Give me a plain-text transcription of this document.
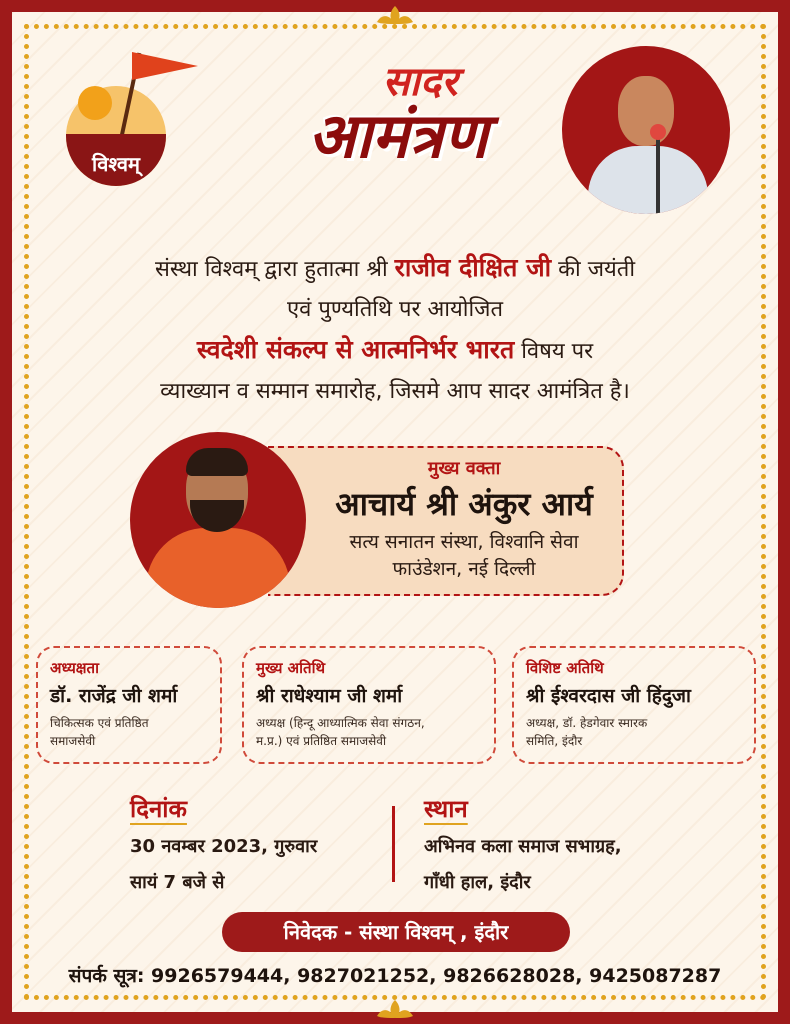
विश्वम्
सादर
आमंत्रण

संस्था विश्वम् द्वारा हुतात्मा श्री राजीव दीक्षित जी की जयंती

एवं पुण्यतिथि पर आयोजित

स्वदेशी संकल्प से आत्मनिर्भर भारत विषय पर

व्याख्यान व सम्मान समारोह, जिसमे आप सादर आमंत्रित है।

मुख्य वक्ता
आचार्य श्री अंकुर आर्य
सत्य सनातन संस्था, विश्वानि सेवा
फाउंडेशन, नई दिल्ली
अध्यक्षता
डॉ. राजेंद्र जी शर्मा
चिकित्सक एवं प्रतिष्ठित
समाजसेवी
मुख्य अतिथि
श्री राधेश्याम जी शर्मा
अध्यक्ष (हिन्दू आध्यात्मिक सेवा संगठन,
म.प्र.) एवं प्रतिष्ठित समाजसेवी
विशिष्ट अतिथि
श्री ईश्वरदास जी हिंदुजा
अध्यक्ष, डॉ. हेडगेवार स्मारक
समिति, इंदौर
दिनांक
30 नवम्बर 2023, गुरुवार
सायं 7 बजे से
स्थान
अभिनव कला समाज सभाग्रह,
गाँधी हाल, इंदौर
निवेदक - संस्था विश्वम् , इंदौर
संपर्क सूत्र: 9926579444, 9827021252, 9826628028, 9425087287
